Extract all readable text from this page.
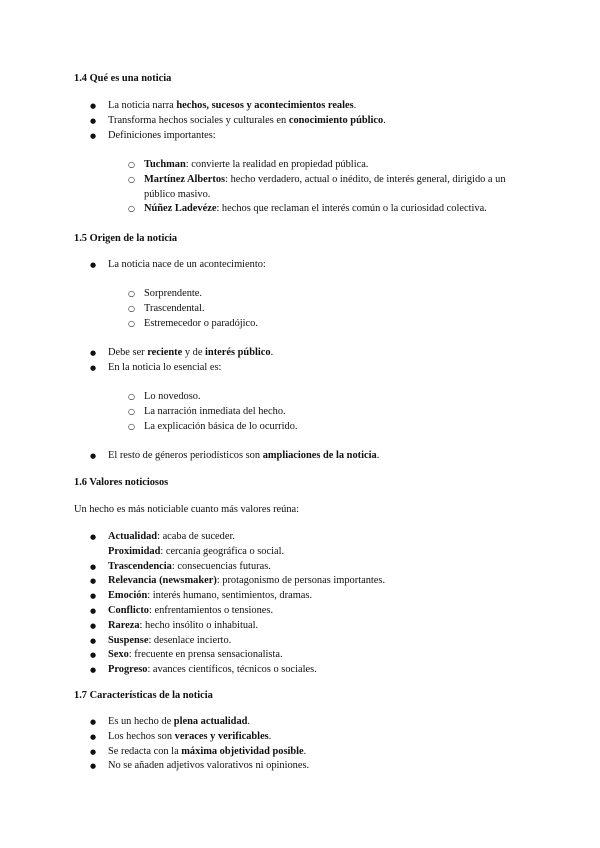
1.4 Qué es una noticia
● La noticia narra hechos, sucesos y acontecimientos reales.
● Transforma hechos sociales y culturales en conocimiento público.
● Definiciones importantes:
○ Tuchman: convierte la realidad en propiedad pública.
○ Martínez Albertos: hecho verdadero, actual o inédito, de interés general, dirigido a un público masivo.
○ Núñez Ladevéze: hechos que reclaman el interés común o la curiosidad colectiva.
1.5 Origen de la noticia
● La noticia nace de un acontecimiento:
○ Sorprendente.
○ Trascendental.
○ Estremecedor o paradójico.
● Debe ser reciente y de interés público.
● En la noticia lo esencial es:
○ Lo novedoso.
○ La narración inmediata del hecho.
○ La explicación básica de lo ocurrido.
● El resto de géneros periodísticos son ampliaciones de la noticia.
1.6 Valores noticiosos

Un hecho es más noticiable cuanto más valores reúna:

● Actualidad: acaba de suceder.
Proximidad: cercanía geográfica o social.
● Trascendencia: consecuencias futuras.
● Relevancia (newsmaker): protagonismo de personas importantes.
● Emoción: interés humano, sentimientos, dramas.
● Conflicto: enfrentamientos o tensiones.
● Rareza: hecho insólito o inhabitual.
● Suspense: desenlace incierto.
● Sexo: frecuente en prensa sensacionalista.
● Progreso: avances científicos, técnicos o sociales.
1.7 Características de la noticia
● Es un hecho de plena actualidad.
● Los hechos son veraces y verificables.
● Se redacta con la máxima objetividad posible.
● No se añaden adjetivos valorativos ni opiniones.
